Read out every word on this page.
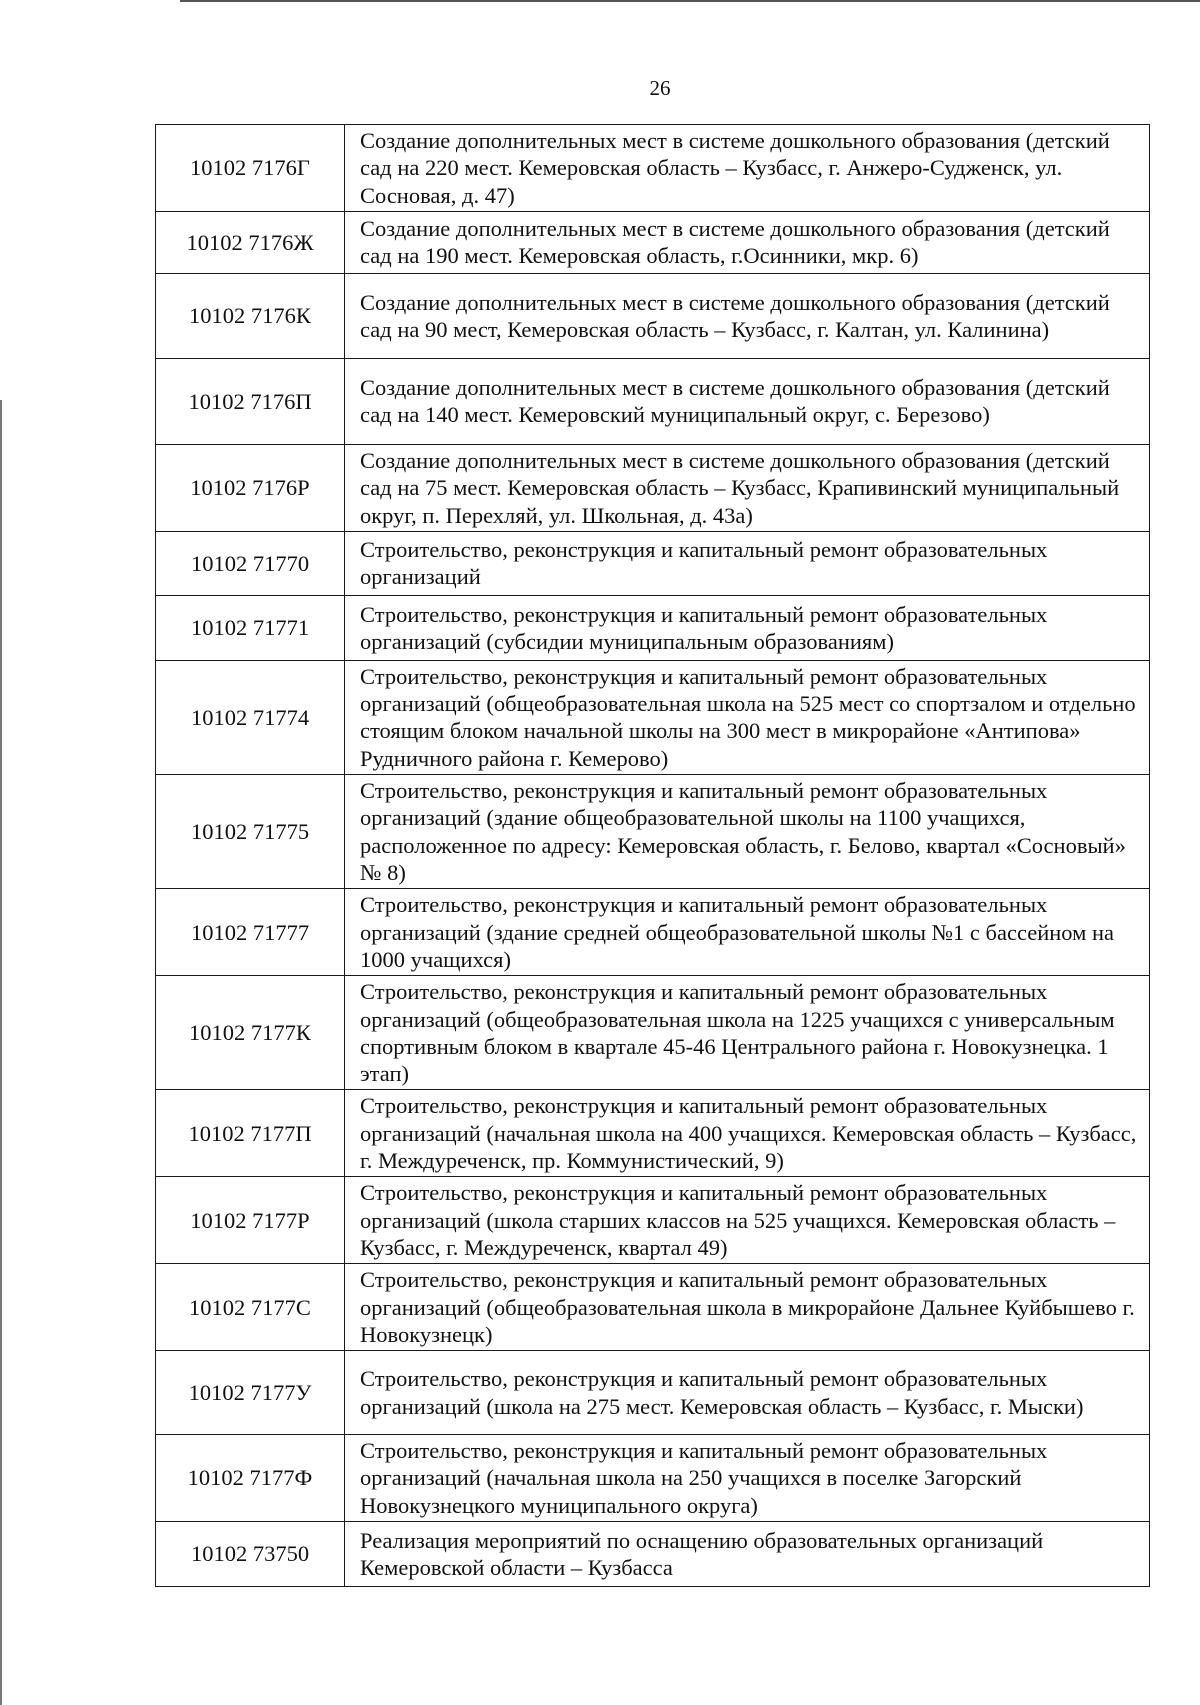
26
10102 7176Г	Создание дополнительных мест в системе дошкольного образования (детский сад на 220 мест. Кемеровская область – Кузбасс, г. Анжеро-Судженск, ул. Сосновая, д. 47)

10102 7176Ж	Создание дополнительных мест в системе дошкольного образования (детский сад на 190 мест. Кемеровская область, г.Осинники, мкр. 6)

10102 7176К	Создание дополнительных мест в системе дошкольного образования (детский сад на 90 мест, Кемеровская область – Кузбасс, г. Калтан, ул. Калинина)

10102 7176П	Создание дополнительных мест в системе дошкольного образования (детский сад на 140 мест. Кемеровский муниципальный округ, с. Березово)

10102 7176Р	Создание дополнительных мест в системе дошкольного образования (детский сад на 75 мест. Кемеровская область – Кузбасс, Крапивинский муниципальный округ, п. Перехляй, ул. Школьная, д. 43а)

10102 71770	Строительство, реконструкция и капитальный ремонт образовательных организаций

10102 71771	Строительство, реконструкция и капитальный ремонт образовательных организаций (субсидии муниципальным образованиям)

10102 71774	Строительство, реконструкция и капитальный ремонт образовательных организаций (общеобразовательная школа на 525 мест со спортзалом и отдельно стоящим блоком начальной школы на 300 мест в микрорайоне «Антипова» Рудничного района г. Кемерово)

10102 71775	Строительство, реконструкция и капитальный ремонт образовательных организаций (здание общеобразовательной школы на 1100 учащихся, расположенное по адресу: Кемеровская область, г. Белово, квартал «Сосновый» № 8)

10102 71777	Строительство, реконструкция и капитальный ремонт образовательных организаций (здание средней общеобразовательной школы №1 с бассейном на 1000 учащихся)

10102 7177К	Строительство, реконструкция и капитальный ремонт образовательных организаций (общеобразовательная школа на 1225 учащихся с универсальным спортивным блоком в квартале 45-46 Центрального района г. Новокузнецка. 1 этап)

10102 7177П	Строительство, реконструкция и капитальный ремонт образовательных организаций (начальная школа на 400 учащихся. Кемеровская область – Кузбасс, г. Междуреченск, пр. Коммунистический, 9)

10102 7177Р	Строительство, реконструкция и капитальный ремонт образовательных организаций (школа старших классов на 525 учащихся. Кемеровская область – Кузбасс, г. Междуреченск, квартал 49)

10102 7177С	Строительство, реконструкция и капитальный ремонт образовательных организаций (общеобразовательная школа в микрорайоне Дальнее Куйбышево г. Новокузнецк)

10102 7177У	Строительство, реконструкция и капитальный ремонт образовательных организаций (школа на 275 мест. Кемеровская область – Кузбасс, г. Мыски)

10102 7177Ф	Строительство, реконструкция и капитальный ремонт образовательных организаций (начальная школа на 250 учащихся в поселке Загорский Новокузнецкого муниципального округа)

10102 73750	Реализация мероприятий по оснащению образовательных организаций Кемеровской области – Кузбасса
